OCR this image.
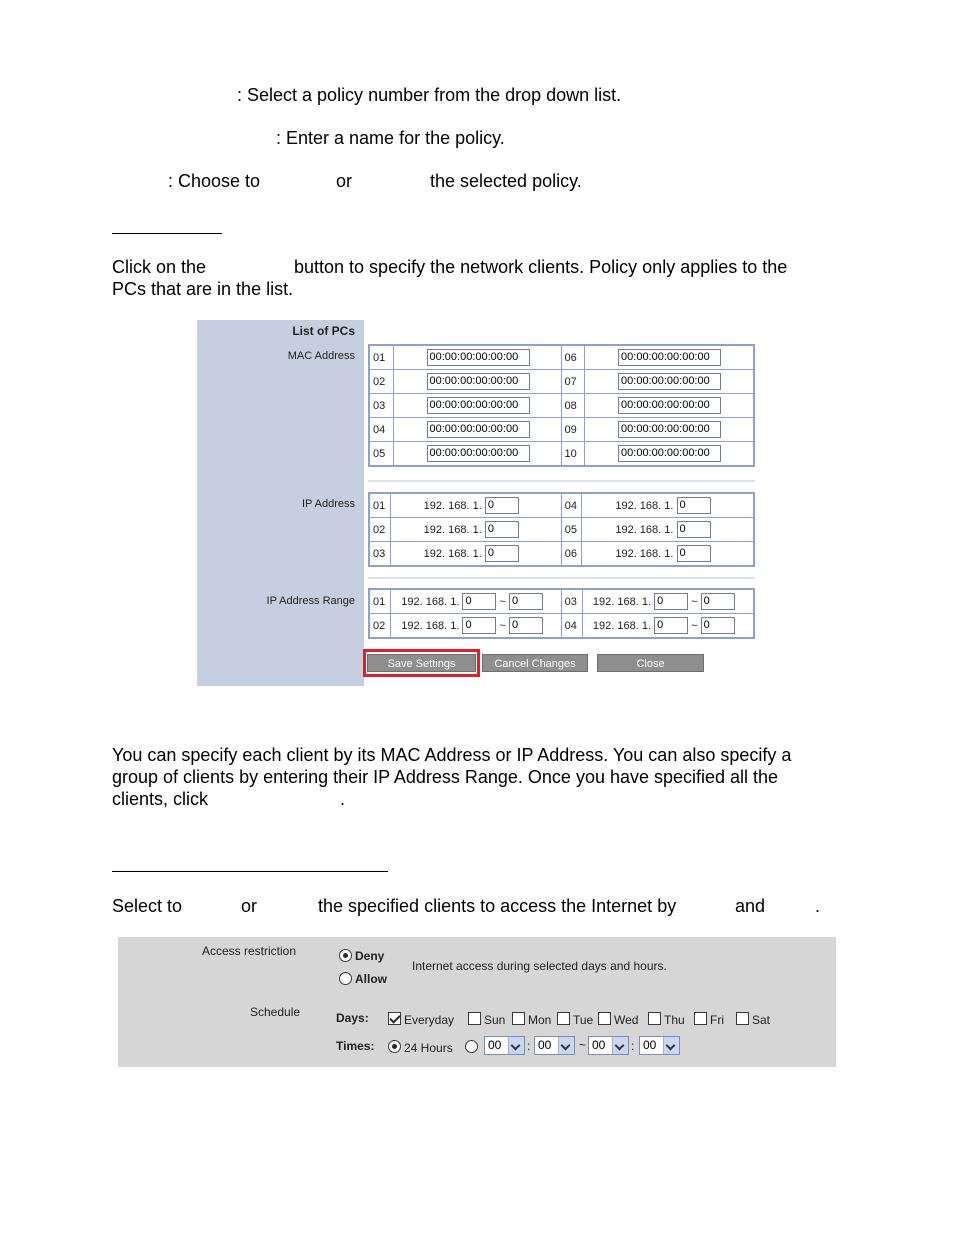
: Select a policy number from the drop down list.
: Enter a name for the policy.
: Choose to	or	the selected policy.
Click on the	button to specify the network clients. Policy only applies to the
PCs that are in the list.
List of PCs
MAC Address
IP Address
IP Address Range
01	00:00:00:00:00:00	06	00:00:00:00:00:00
02	00:00:00:00:00:00	07	00:00:00:00:00:00
03	00:00:00:00:00:00	08	00:00:00:00:00:00
04	00:00:00:00:00:00	09	00:00:00:00:00:00
05	00:00:00:00:00:00	10	00:00:00:00:00:00
01	192. 168. 1. 0	04	192. 168. 1. 0
02	192. 168. 1. 0	05	192. 168. 1. 0
03	192. 168. 1. 0	06	192. 168. 1. 0
01	192. 168. 1. 0 ~ 0	03	192. 168. 1. 0 ~ 0
02	192. 168. 1. 0 ~ 0	04	192. 168. 1. 0 ~ 0
Save Settings	Cancel Changes	Close
You can specify each client by its MAC Address or IP Address. You can also specify a
group of clients by entering their IP Address Range. Once you have specified all the
clients, click	.
Select to	or	the specified clients to access the Internet by	and	.
Access restriction	Deny
Allow
Internet access during selected days and hours.
Schedule	Days:	Everyday Sun Mon Tue Wed Thu Fri Sat
Times: 24 Hours	00	: 00	~ 00	: 00
